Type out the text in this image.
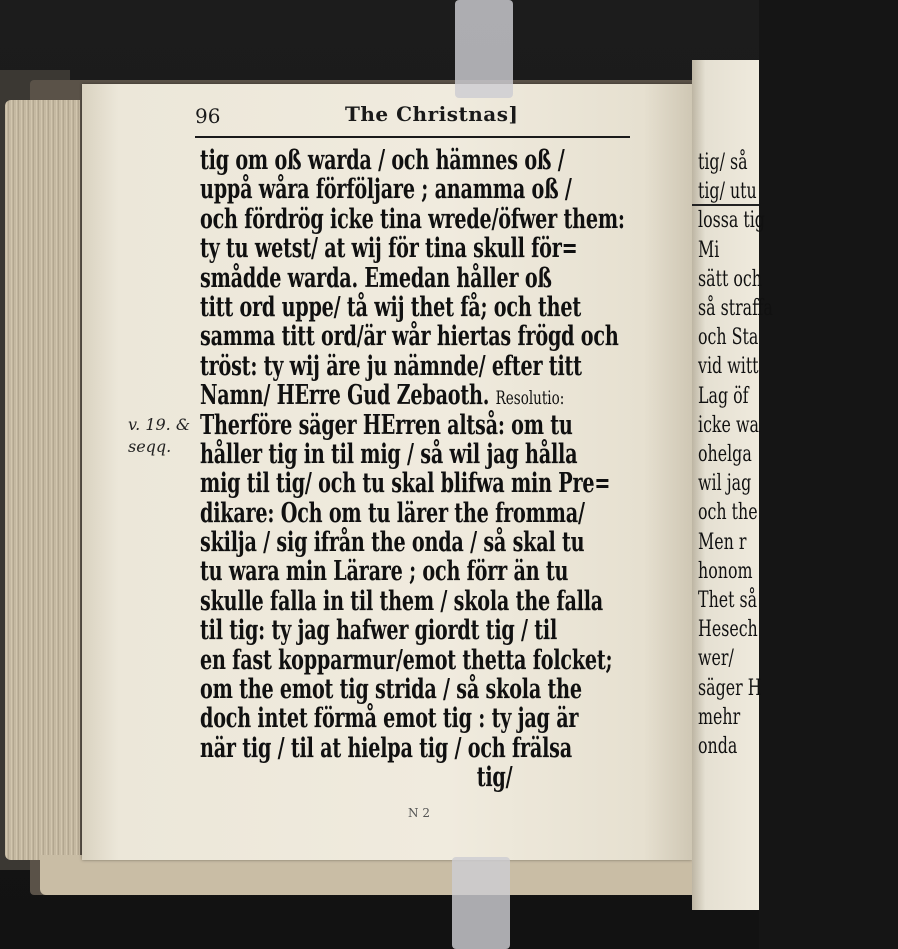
tig/ så
tig/ utu
lossa tig
Mi
sätt och
så straffa
och Sta
vid witt
Lag öf
icke wa
ohelga
wil jag
och the
Men r
honom
Thet så
Hesech
wer/
säger H
mehr
onda
96	The Christnas]
v. 19. &
seqq.
tig om oß warda / och hämnes oß /
uppå wåra förföljare ; anamma oß /
och fördrög icke tina wrede/öfwer them:
ty tu wetst/ at wij för tina skull för=
smådde warda. Emedan håller oß
titt ord uppe/ tå wij thet få; och thet
samma titt ord/är wår hiertas frögd och
tröst: ty wij äre ju nämnde/ efter titt
Namn/ HErre Gud Zebaoth. Resolutio:
Therföre säger HErren altså: om tu
håller tig in til mig / så wil jag hålla
mig til tig/ och tu skal blifwa min Pre=
dikare: Och om tu lärer the fromma/
skilja / sig ifrån the onda / så skal tu
tu wara min Lärare ; och förr än tu
skulle falla in til them / skola the falla
til tig: ty jag hafwer giordt tig / til
en fast kopparmur/emot thetta folcket;
om the emot tig strida / så skola the
doch intet förmå emot tig : ty jag är
när tig / til at hielpa tig / och frälsa
tig/
N 2
